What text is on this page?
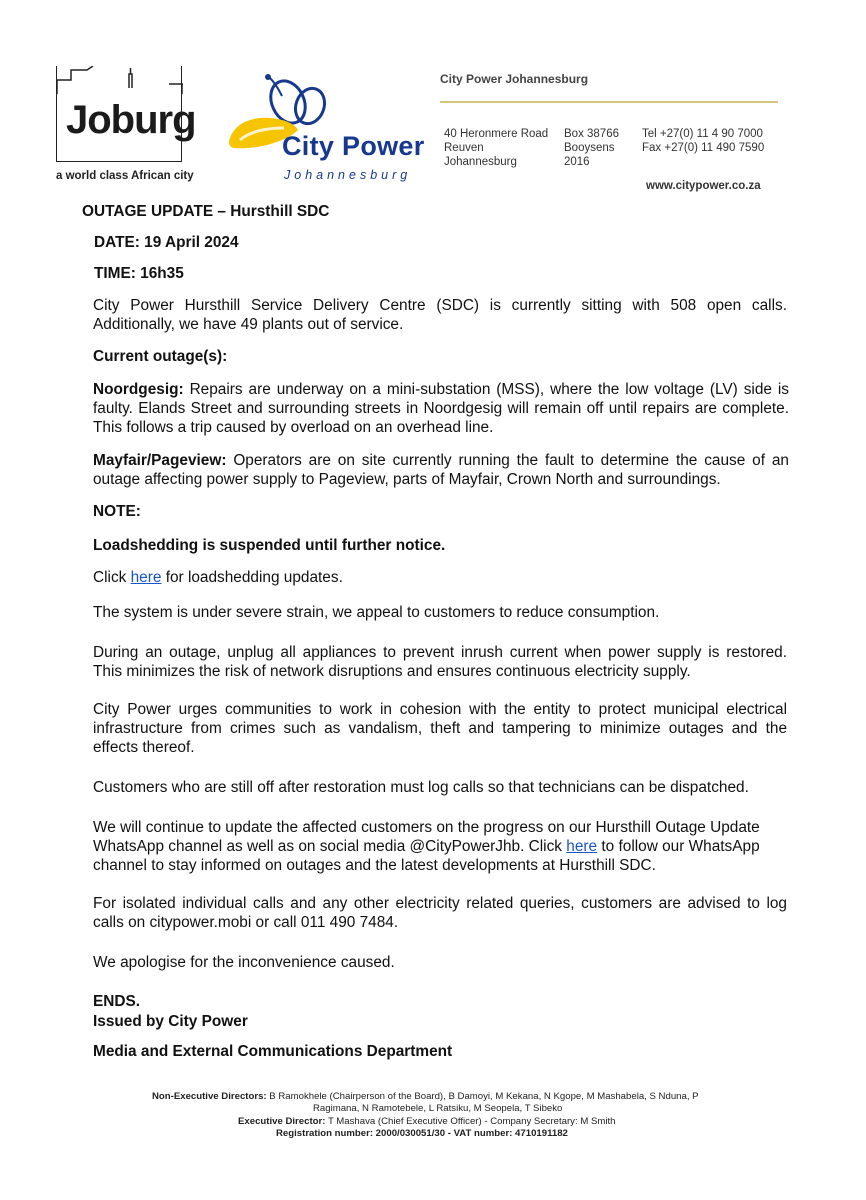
Joburg
a world class African city
City Power
Johannesburg
City Power Johannesburg
40 Heronmere Road
Reuven
Johannesburg
Box 38766
Booysens
2016
Tel +27(0) 11 4 90 7000
Fax +27(0) 11 490 7590
www.citypower.co.za
OUTAGE UPDATE – Hursthill SDC
DATE: 19 April 2024
TIME: 16h35
City Power Hursthill Service Delivery Centre (SDC) is currently sitting with 508 open calls.
Additionally, we have 49 plants out of service.
Current outage(s):
Noordgesig: Repairs are underway on a mini-substation (MSS), where the low voltage (LV) side is
faulty. Elands Street and surrounding streets in Noordgesig will remain off until repairs are complete.
This follows a trip caused by overload on an overhead line.
Mayfair/Pageview: Operators are on site currently running the fault to determine the cause of an
outage affecting power supply to Pageview, parts of Mayfair, Crown North and surroundings.
NOTE:
Loadshedding is suspended until further notice.
Click here for loadshedding updates.
The system is under severe strain, we appeal to customers to reduce consumption.
During an outage, unplug all appliances to prevent inrush current when power supply is restored.
This minimizes the risk of network disruptions and ensures continuous electricity supply.
City Power urges communities to work in cohesion with the entity to protect municipal electrical
infrastructure from crimes such as vandalism, theft and tampering to minimize outages and the
effects thereof.
Customers who are still off after restoration must log calls so that technicians can be dispatched.
We will continue to update the affected customers on the progress on our Hursthill Outage Update
WhatsApp channel as well as on social media @CityPowerJhb. Click here to follow our WhatsApp
channel to stay informed on outages and the latest developments at Hursthill SDC.
For isolated individual calls and any other electricity related queries, customers are advised to log
calls on citypower.mobi or call 011 490 7484.
We apologise for the inconvenience caused.
ENDS.
Issued by City Power
Media and External Communications Department
Non-Executive Directors: B Ramokhele (Chairperson of the Board), B Damoyi, M Kekana, N Kgope, M Mashabela, S Nduna, P
Ragimana, N Ramotebele, L Ratsiku, M Seopela, T Sibeko
Executive Director: T Mashava (Chief Executive Officer) - Company Secretary: M Smith
Registration number: 2000/030051/30 - VAT number: 4710191182
